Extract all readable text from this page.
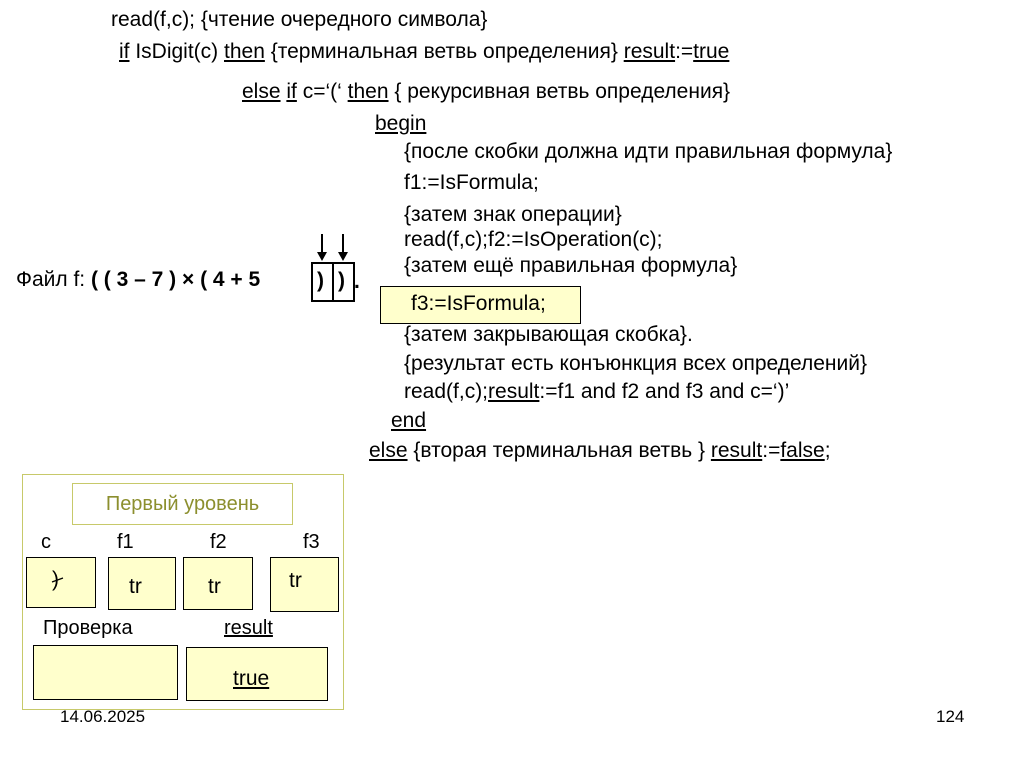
read(f,c); {чтение очередного символа}
if IsDigit(c) then {терминальная ветвь определения} result:=true
else if c=‘(‘ then { рекурсивная ветвь определения}
begin
{после скобки должна идти правильная формула}
f1:=IsFormula;
{затем знак операции}
read(f,c);f2:=IsOperation(c);
{затем ещё правильная формула}
f3:=IsFormula;
{затем закрывающая скобка}.
{результат есть конъюнкция всех определений}
read(f,c);result:=f1 and f2 and f3 and c=‘)’
end
else {вторая терминальная ветвь } result:=false;
Файл f: ( ( 3 – 7 ) × ( 4 + 5	) ) .
Первый уровень
c	f1	f2	f3
)	tr	tr	tr
Проверка	result
true
14.06.2025	124
